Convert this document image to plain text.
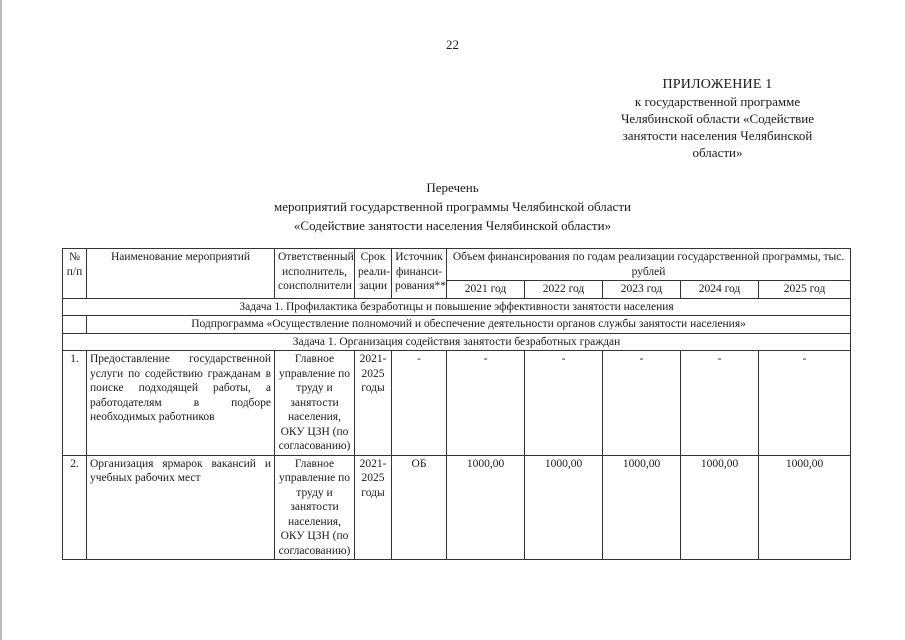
22
ПРИЛОЖЕНИЕ 1
к государственной программе
Челябинской области «Содействие
занятости населения Челябинской
области»
Перечень
мероприятий государственной программы Челябинской области
«Содействие занятости населения Челябинской области»
№ п/п	Наименование мероприятий	Ответственный исполнитель, соисполнители	Срок реали- зации	Источник финанси- рования**	Объем финансирования по годам реализации государственной программы, тыс. рублей				
					2021 год	2022 год	2023 год	2024 год	2025 год
Задача 1. Профилактика безработицы и повышение эффективности занятости населения									
	Подпрограмма «Осуществление полномочий и обеспечение деятельности органов службы занятости населения»								
Задача 1. Организация содействия занятости безработных граждан									
1.	Предоставление государственной услуги по содействию гражданам в поиске подходящей работы, а работодателям в подборе необходимых работников	Главное управление по труду и занятости населения, ОКУ ЦЗН (по согласованию)	2021-2025 годы	-	-	-	-	-	-
2.	Организация ярмарок вакансий и учебных рабочих мест	Главное управление по труду и занятости населения, ОКУ ЦЗН (по согласованию)	2021-2025 годы	ОБ	1000,00	1000,00	1000,00	1000,00	1000,00
